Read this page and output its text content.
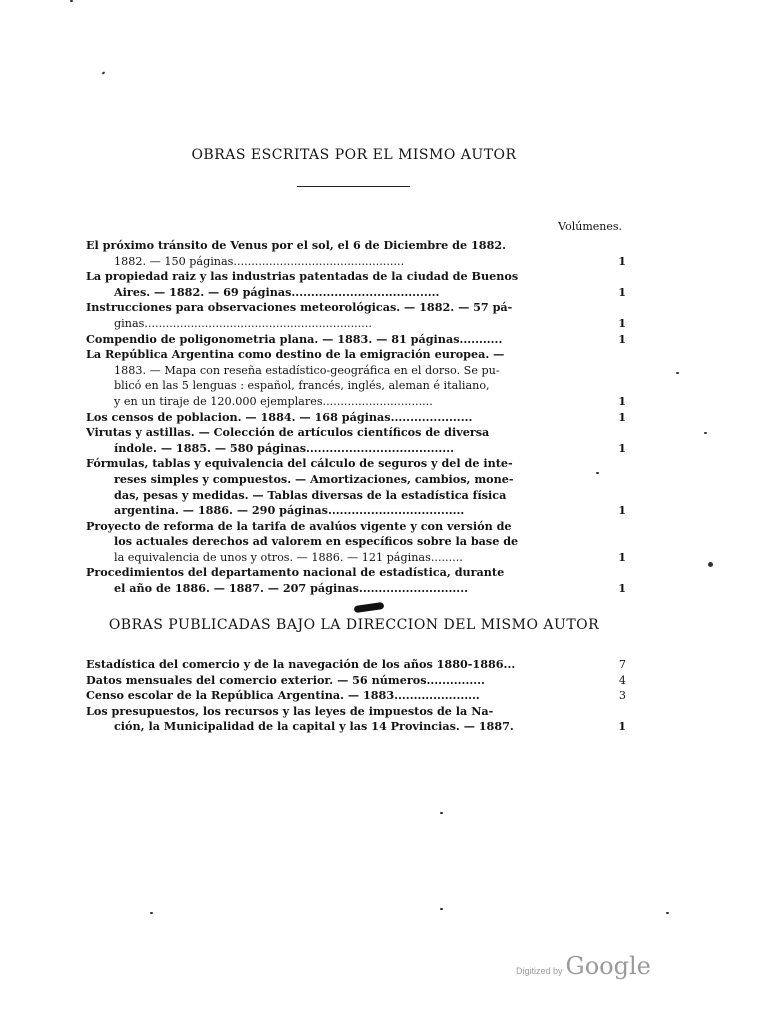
OBRAS ESCRITAS POR EL MISMO AUTOR
Volúmenes.
El próximo tránsito de Venus por el sol, el 6 de Diciembre de 1882.
1882. — 150 páginas................................................	1
La propiedad raiz y las industrias patentadas de la ciudad de Buenos
Aires. — 1882. — 69 páginas......................................	1
Instrucciones para observaciones meteorológicas. — 1882. — 57 pá-
ginas................................................................	1
Compendio de poligonometria plana. — 1883. — 81 páginas...........	1
La República Argentina como destino de la emigración europea. —
1883. — Mapa con reseña estadístico-geográfica en el dorso. Se pu-
blicó en las 5 lenguas : español, francés, inglés, aleman é italiano,
y en un tiraje de 120.000 ejemplares...............................	1
Los censos de poblacion. — 1884. — 168 páginas.....................	1
Virutas y astillas. — Colección de artículos científicos de diversa
índole. — 1885. — 580 páginas......................................	1
Fórmulas, tablas y equivalencia del cálculo de seguros y del de inte-
reses simples y compuestos. — Amortizaciones, cambios, mone-
das, pesas y medidas. — Tablas diversas de la estadística física
argentina. — 1886. — 290 páginas...................................	1
Proyecto de reforma de la tarifa de avalúos vigente y con versión de
los actuales derechos ad valorem en específicos sobre la base de
la equivalencia de unos y otros. — 1886. — 121 páginas.........	1
Procedimientos del departamento nacional de estadística, durante
el año de 1886. — 1887. — 207 páginas............................	1
OBRAS PUBLICADAS BAJO LA DIRECCION DEL MISMO AUTOR
Estadística del comercio y de la navegación de los años 1880-1886...	7
Datos mensuales del comercio exterior. — 56 números...............	4
Censo escolar de la República Argentina. — 1883......................	3
Los presupuestos, los recursos y las leyes de impuestos de la Na-
ción, la Municipalidad de la capital y las 14 Provincias. — 1887.	1
Digitized by Google
